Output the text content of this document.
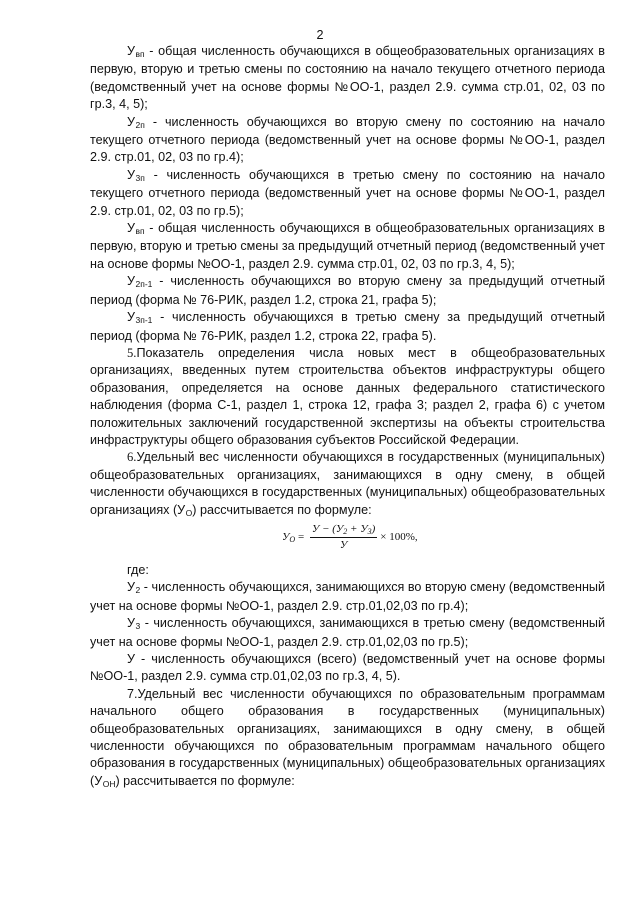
2

Увп - общая численность обучающихся в общеобразовательных организациях в первую, вторую и третью смены по состоянию на начало текущего отчетного периода (ведомственный учет на основе формы №ОО-1, раздел 2.9. сумма стр.01, 02, 03 по гр.3, 4, 5);

У2п - численность обучающихся во вторую смену по состоянию на начало текущего отчетного периода (ведомственный учет на основе формы №ОО-1, раздел 2.9. стр.01, 02, 03 по гр.4);

У3п - численность обучающихся в третью смену по состоянию на начало текущего отчетного периода (ведомственный учет на основе формы №ОО-1, раздел 2.9. стр.01, 02, 03 по гр.5);

Увп - общая численность обучающихся в общеобразовательных организациях в первую, вторую и третью смены за предыдущий отчетный период (ведомственный учет на основе формы №ОО-1, раздел 2.9. сумма стр.01, 02, 03 по гр.3, 4, 5);

У2п-1 - численность обучающихся во вторую смену за предыдущий отчетный период (форма № 76-РИК, раздел 1.2, строка 21, графа 5);

У3п-1 - численность обучающихся в третью смену за предыдущий отчетный период (форма № 76-РИК, раздел 1.2, строка 22, графа 5).

5.Показатель определения числа новых мест в общеобразовательных организациях, введенных путем строительства объектов инфраструктуры общего образования, определяется на основе данных федерального статистического наблюдения (форма С-1, раздел 1, строка 12, графа 3; раздел 2, графа 6) с учетом положительных заключений государственной экспертизы на объекты строительства инфраструктуры общего образования субъектов Российской Федерации.

6.Удельный вес численности обучающихся в государственных (муниципальных) общеобразовательных организациях, занимающихся в одну смену, в общей численности обучающихся в государственных (муниципальных) общеобразовательных организациях (УО) рассчитывается по формуле:

У $О = \frac{У - (У2 + У3)}{У} \times 100\%$,

где:

У2 - численность обучающихся, занимающихся во вторую смену (ведомственный учет на основе формы №ОО-1, раздел 2.9. стр.01,02,03 по гр.4);

У3 - численность обучающихся, занимающихся в третью смену (ведомственный учет на основе формы №ОО-1, раздел 2.9. стр.01,02,03 по гр.5);

У - численность обучающихся (всего) (ведомственный учет на основе формы №ОО-1, раздел 2.9. сумма стр.01,02,03 по гр.3, 4, 5).

7.Удельный вес численности обучающихся по образовательным программам начального общего образования в государственных (муниципальных) общеобразовательных организациях, занимающихся в одну смену, в общей численности обучающихся по образовательным программам начального общего образования в государственных (муниципальных) общеобразовательных организациях (УОН) рассчитывается по формуле:
